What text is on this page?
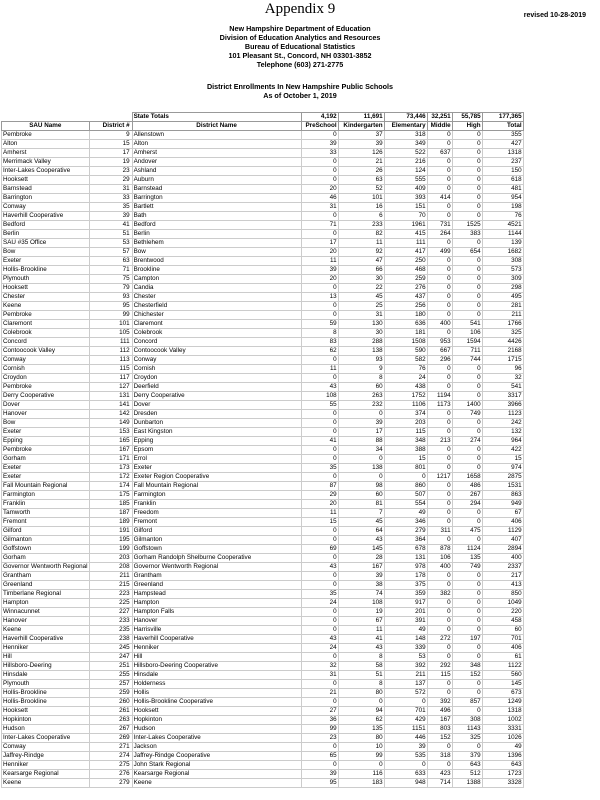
Appendix 9	revised 10-28-2019
New Hampshire Department of Education
Division of Education Analytics and Resources
Bureau of Educational Statistics
101 Pleasant St., Concord, NH 03301-3852
Telephone (603) 271-2775
District Enrollments In New Hampshire Public Schools
As of October 1, 2019
		State Totals	4,192	11,691	73,446	32,251	55,785	177,365
SAU Name	District #	District Name	PreSchool	Kindergarten	Elementary	Middle	High	Total
Pembroke	9	Allenstown	0	37	318	0	0	355
Alton	15	Alton	39	39	349	0	0	427
Amherst	17	Amherst	33	126	522	637	0	1318
Merrimack Valley	19	Andover	0	21	216	0	0	237
Inter-Lakes Cooperative	23	Ashland	0	26	124	0	0	150
Hooksett	29	Auburn	0	63	555	0	0	618
Barnstead	31	Barnstead	20	52	409	0	0	481
Barrington	33	Barrington	46	101	393	414	0	954
Conway	35	Bartlett	31	16	151	0	0	198
Haverhill Cooperative	39	Bath	0	6	70	0	0	76
Bedford	41	Bedford	71	233	1961	731	1525	4521
Berlin	51	Berlin	0	82	415	264	383	1144
SAU #35 Office	53	Bethlehem	17	11	111	0	0	139
Bow	57	Bow	20	92	417	499	654	1682
Exeter	63	Brentwood	11	47	250	0	0	308
Hollis-Brookline	71	Brookline	39	66	468	0	0	573
Plymouth	75	Campton	20	30	259	0	0	309
Hooksett	79	Candia	0	22	276	0	0	298
Chester	93	Chester	13	45	437	0	0	495
Keene	95	Chesterfield	0	25	256	0	0	281
Pembroke	99	Chichester	0	31	180	0	0	211
Claremont	101	Claremont	59	130	636	400	541	1766
Colebrook	105	Colebrook	8	30	181	0	106	325
Concord	111	Concord	83	288	1508	953	1594	4426
Contoocook Valley	112	Contoocook Valley	62	138	590	667	711	2168
Conway	113	Conway	0	93	582	296	744	1715
Cornish	115	Cornish	11	9	76	0	0	96
Croydon	117	Croydon	0	8	24	0	0	32
Pembroke	127	Deerfield	43	60	438	0	0	541
Derry Cooperative	131	Derry Cooperative	108	263	1752	1194	0	3317
Dover	141	Dover	55	232	1106	1173	1400	3966
Hanover	142	Dresden	0	0	374	0	749	1123
Bow	149	Dunbarton	0	39	203	0	0	242
Exeter	153	East Kingston	0	17	115	0	0	132
Epping	165	Epping	41	88	348	213	274	964
Pembroke	167	Epsom	0	34	388	0	0	422
Gorham	171	Errol	0	0	15	0	0	15
Exeter	173	Exeter	35	138	801	0	0	974
Exeter	172	Exeter Region Cooperative	0	0	0	1217	1658	2875
Fall Mountain Regional	174	Fall Mountain Regional	87	98	860	0	486	1531
Farmington	175	Farmington	29	60	507	0	267	863
Franklin	185	Franklin	20	81	554	0	294	949
Tamworth	187	Freedom	11	7	49	0	0	67
Fremont	189	Fremont	15	45	346	0	0	406
Gilford	191	Gilford	0	64	279	311	475	1129
Gilmanton	195	Gilmanton	0	43	364	0	0	407
Goffstown	199	Goffstown	69	145	678	878	1124	2894
Gorham	203	Gorham Randolph Shelburne Cooperative	0	28	131	106	135	400
Governor Wentworth Regional	208	Governor Wentworth Regional	43	167	978	400	749	2337
Grantham	211	Grantham	0	39	178	0	0	217
Greenland	215	Greenland	0	38	375	0	0	413
Timberlane Regional	223	Hampstead	35	74	359	382	0	850
Hampton	225	Hampton	24	108	917	0	0	1049
Winnacunnet	227	Hampton Falls	0	19	201	0	0	220
Hanover	233	Hanover	0	67	391	0	0	458
Keene	235	Harrisville	0	11	49	0	0	60
Haverhill Cooperative	238	Haverhill Cooperative	43	41	148	272	197	701
Henniker	245	Henniker	24	43	339	0	0	406
Hill	247	Hill	0	8	53	0	0	61
Hillsboro-Deering	251	Hillsboro-Deering Cooperative	32	58	392	292	348	1122
Hinsdale	255	Hinsdale	31	51	211	115	152	560
Plymouth	257	Holderness	0	8	137	0	0	145
Hollis-Brookline	259	Hollis	21	80	572	0	0	673
Hollis-Brookline	260	Hollis-Brookline Cooperative	0	0	0	392	857	1249
Hooksett	261	Hooksett	27	94	701	496	0	1318
Hopkinton	263	Hopkinton	36	62	429	167	308	1002
Hudson	267	Hudson	99	135	1151	803	1143	3331
Inter-Lakes Cooperative	269	Inter-Lakes Cooperative	23	80	446	152	325	1026
Conway	271	Jackson	0	10	39	0	0	49
Jaffrey-Rindge	274	Jaffrey-Rindge Cooperative	65	99	535	318	379	1396
Henniker	275	John Stark Regional	0	0	0	0	643	643
Kearsarge Regional	276	Kearsarge Regional	39	116	633	423	512	1723
Keene	279	Keene	95	183	948	714	1388	3328
